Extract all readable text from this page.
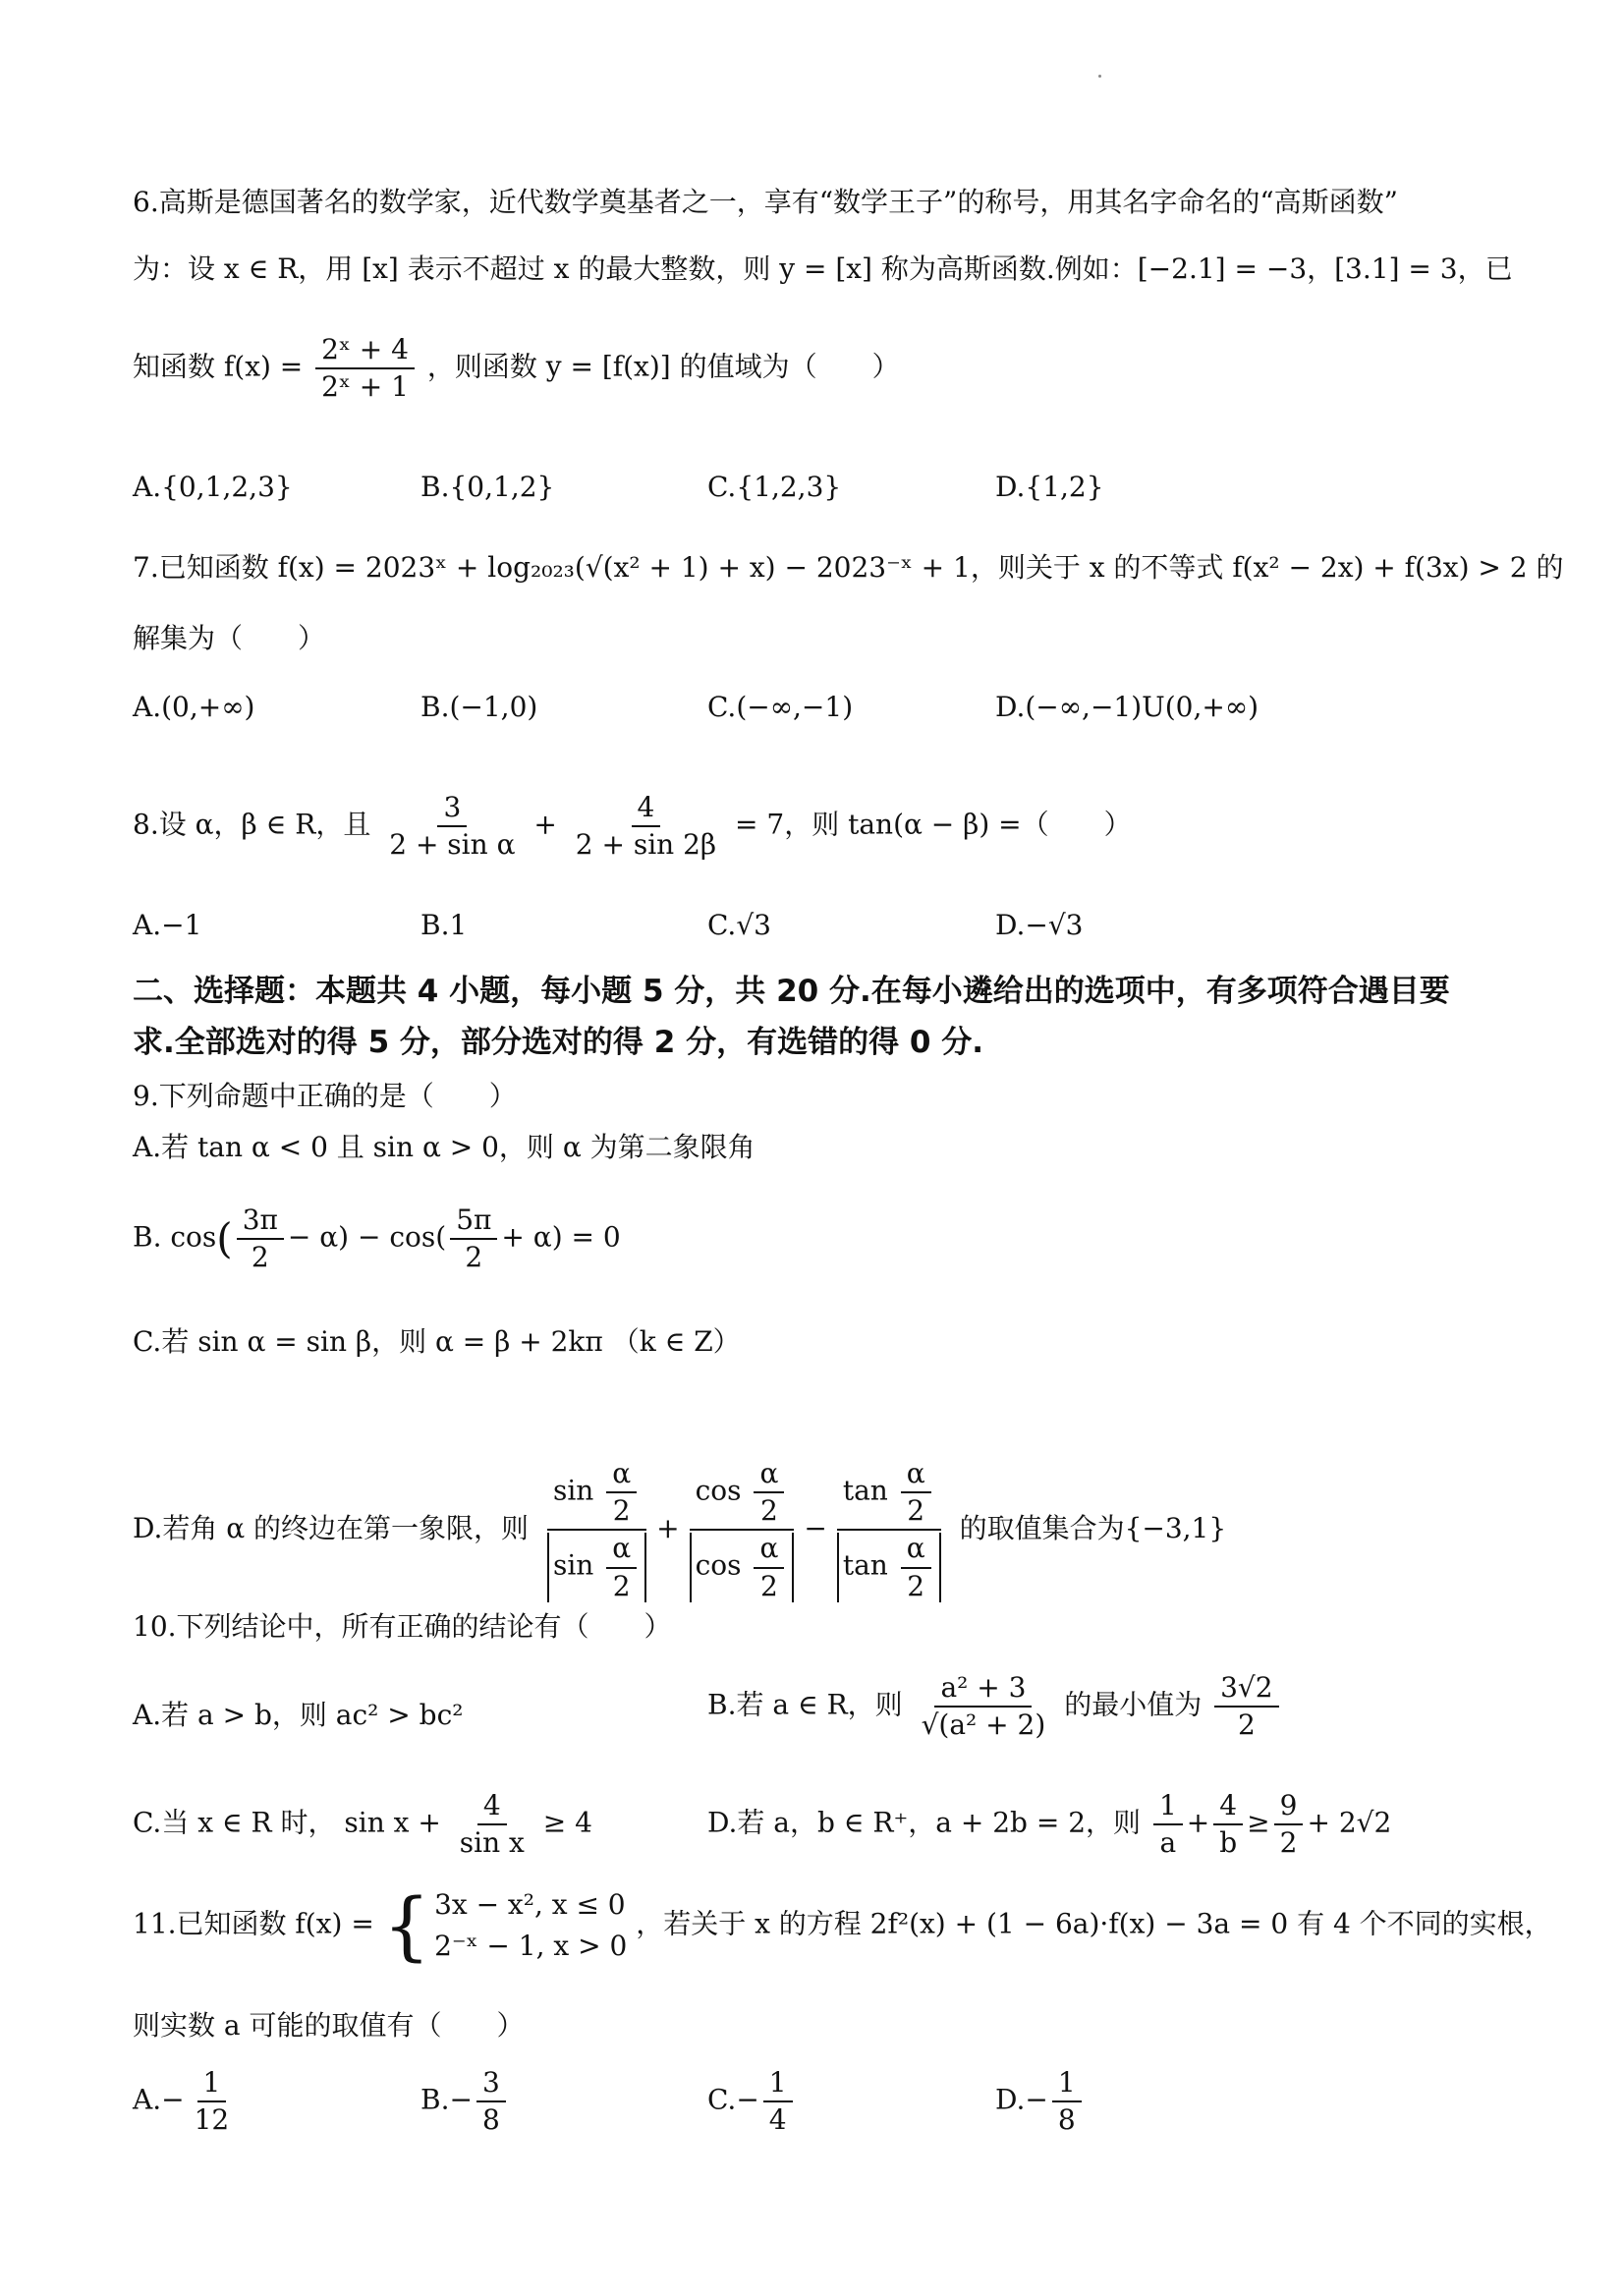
6.高斯是德国著名的数学家，近代数学奠基者之一，享有“数学王子”的称号，用其名字命名的“高斯函数”
为：设 x ∈ R，用 [x] 表示不超过 x 的最大整数，则 y = [x] 称为高斯函数.例如：[−2.1] = −3，[3.1] = 3，已
知函数 $f(x) = \frac{\text{2ˣ + 4}}{\text{2ˣ + 1}}$ ，则函数 y = [f(x)] 的值域为（　　）
A.{0,1,2,3}	B.{0,1,2}	C.{1,2,3}	D.{1,2}
7.已知函数 f(x) = 2023ˣ + log₂₀₂₃(√(x² + 1) + x) − 2023⁻ˣ + 1，则关于 x 的不等式 f(x² − 2x) + f(3x) > 2 的
解集为（　　）
A.(0,+∞)	B.(−1,0)	C.(−∞,−1)	D.(−∞,−1)U(0,+∞)
8.设 α，β ∈ R，且 $\frac{3}{\text{2 + sin α}} + \frac{4}{2 + \sin 2\beta} = 7$，则 tan(α − β) =（　　）
A.−1	B.1	C.√3	D.−√3
二、选择题：本题共 4 小题，每小题 5 分，共 20 分.在每小遴给出的选项中，有多项符合遇目要
求.全部选对的得 5 分，部分选对的得 2 分，有选错的得 0 分.
9.下列命题中正确的是（　　）
A.若 tan α < 0 且 sin α > 0，则 α 为第二象限角
B. $\cos( \frac{3\pi}{2} - \alpha) - \cos( \frac{5\pi}{2} + \alpha) = 0$
C.若 sin α = sin β，则 α = β + 2kπ （k ∈ Z）
D.若角 α 的终边在第一象限，则 $\frac{\sin \frac{\alpha}{2}}{\sin \frac{\alpha}{2}} + \frac{\cos \frac{\alpha}{2}}{\cos \frac{\alpha}{2}} - \frac{\tan \frac{\alpha}{2}}{\tan \frac{\alpha}{2}}$ 的取值集合为{−3,1}
10.下列结论中，所有正确的结论有（　　）
A.若 a > b，则 ac² > bc²	B.若 a ∈ R，则 $\frac{\text{a² + 3}}{\text{√(a² + 2)}}$ 的最小值为 $\frac{3√2}{2}$
C.当 x ∈ R 时， $\sin x + \frac{4}{\text{sin x}} \ge 4$	D.若 a，b ∈ R⁺，a + 2b = 2，则 $\frac{1}{a} + \frac{4}{b} \ge \frac{9}{2} + 2√2$
11.已知函数 f(x) = { 3x − x², x ≤ 0
2⁻ˣ − 1, x > 0
，若关于 x 的方程 2f²(x) + (1 − 6a)·f(x) − 3a = 0 有 4 个不同的实根，
则实数 a 可能的取值有（　　）
$A.- \frac{1}{12}$	$B.- \frac{3}{8}$	$C.- \frac{1}{4}$	$D.- \frac{1}{8}$
